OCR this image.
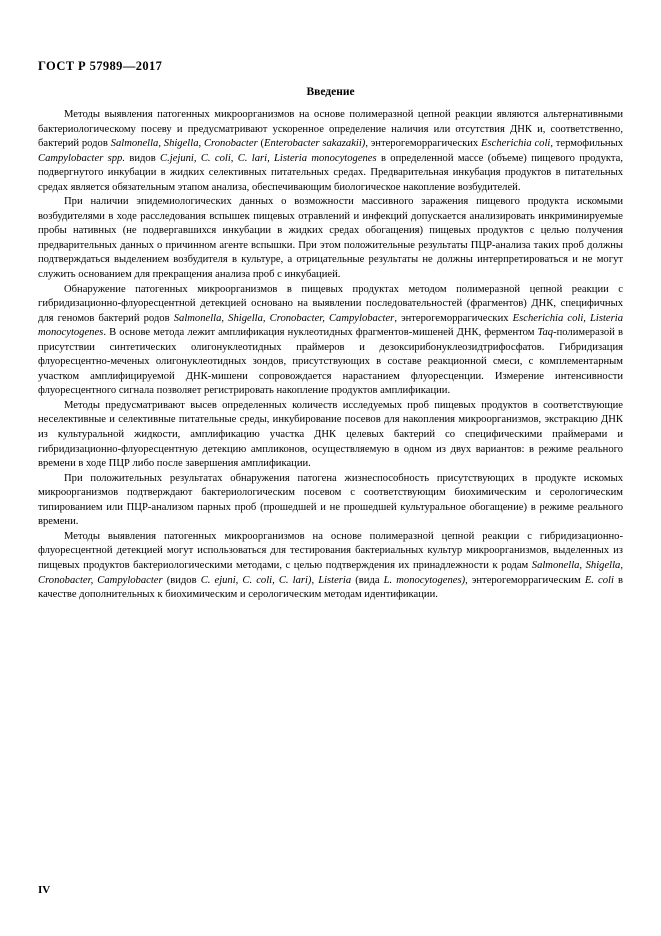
ГОСТ Р 57989—2017
Введение

Методы выявления патогенных микроорганизмов на основе полимеразной цепной реакции являются альтернативными бактериологическому посеву и предусматривают ускоренное определение наличия или отсутствия ДНК и, соответственно, бактерий родов Salmonella, Shigella, Cronobacter (Enterobacter sakazakii), энтерогеморрагических Escherichia coli, термофильных Campylobacter spp. видов C.jejuni, C. coli, C. lari, Listeria monocytogenes в определенной массе (объеме) пищевого продукта, подвергнутого инкубации в жидких селективных питательных средах. Предварительная инкубация продуктов в питательных средах является обязательным этапом анализа, обеспечивающим биологическое накопление возбудителей.

При наличии эпидемиологических данных о возможности массивного заражения пищевого продукта искомыми возбудителями в ходе расследования вспышек пищевых отравлений и инфекций допускается анализировать инкриминируемые пробы нативных (не подвергавшихся инкубации в жидких средах обогащения) пищевых продуктов с целью получения предварительных данных о причинном агенте вспышки. При этом положительные результаты ПЦР-анализа таких проб должны подтверждаться выделением возбудителя в культуре, а отрицательные результаты не должны интерпретироваться и не могут служить основанием для прекращения анализа проб с инкубацией.

Обнаружение патогенных микроорганизмов в пищевых продуктах методом полимеразной цепной реакции с гибридизационно-флуоресцентной детекцией основано на выявлении последовательностей (фрагментов) ДНК, специфичных для геномов бактерий родов Salmonella, Shigella, Cronobacter, Campylobacter, энтерогеморрагических Escherichia coli, Listeria monocytogenes. В основе метода лежит амплификация нуклеотидных фрагментов-мишеней ДНК, ферментом Taq-полимеразой в присутствии синтетических олигонуклеотидных праймеров и дезоксирибонуклеозидтрифосфатов. Гибридизация флуоресцентно-меченых олигонуклеотидных зондов, присутствующих в составе реакционной смеси, с комплементарным участком амплифицируемой ДНК-мишени сопровождается нарастанием флуоресценции. Измерение интенсивности флуоресцентного сигнала позволяет регистрировать накопление продуктов амплификации.

Методы предусматривают высев определенных количеств исследуемых проб пищевых продуктов в соответствующие неселективные и селективные питательные среды, инкубирование посевов для накопления микроорганизмов, экстракцию ДНК из культуральной жидкости, амплификацию участка ДНК целевых бактерий со специфическими праймерами и гибридизационно-флуоресцентную детекцию ампликонов, осуществляемую в одном из двух вариантов: в режиме реального времени в ходе ПЦР либо после завершения амплификации.

При положительных результатах обнаружения патогена жизнеспособность присутствующих в продукте искомых микроорганизмов подтверждают бактериологическим посевом с соответствующим биохимическим и серологическим типированием или ПЦР-анализом парных проб (прошедшей и не прошедшей культуральное обогащение) в режиме реального времени.

Методы выявления патогенных микроорганизмов на основе полимеразной цепной реакции с гибридизационно-флуоресцентной детекцией могут использоваться для тестирования бактериальных культур микроорганизмов, выделенных из пищевых продуктов бактериологическими методами, с целью подтверждения их принадлежности к родам Salmonella, Shigella, Cronobacter, Campylobacter (видов C. ejuni, C. coli, C. lari), Listeria (вида L. monocytogenes), энтерогеморрагическим E. coli в качестве дополнительных к биохимическим и серологическим методам идентификации.

IV
